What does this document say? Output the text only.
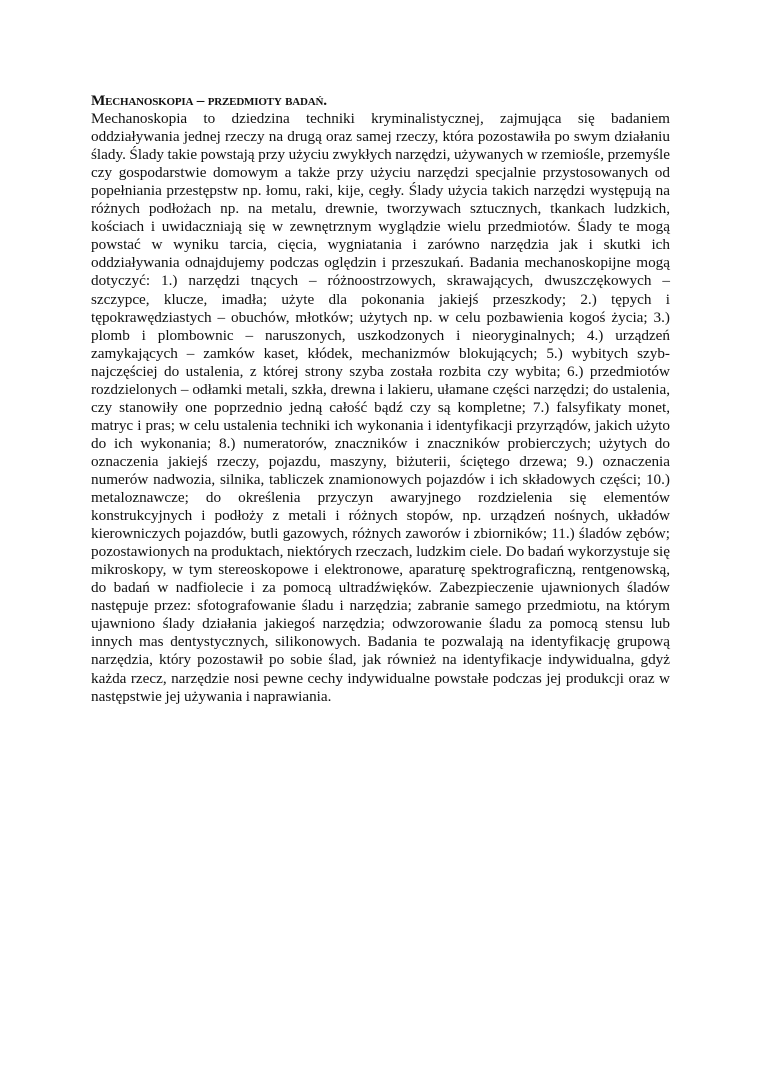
Mechanoskopia – przedmioty badań.

Mechanoskopia to dziedzina techniki kryminalistycznej, zajmująca się badaniem oddziaływania jednej rzeczy na drugą oraz samej rzeczy, która pozostawiła po swym działaniu ślady. Ślady takie powstają przy użyciu zwykłych narzędzi, używanych w rzemiośle, przemyśle czy gospodarstwie domowym a także przy użyciu narzędzi specjalnie przystosowanych od popełniania przestępstw np. łomu, raki, kije, cegły. Ślady użycia takich narzędzi występują na różnych podłożach np. na metalu, drewnie, tworzywach sztucznych, tkankach ludzkich, kościach i uwidaczniają się w zewnętrznym wyglądzie wielu przedmiotów. Ślady te mogą powstać w wyniku tarcia, cięcia, wygniatania i zarówno narzędzia jak i skutki ich oddziaływania odnajdujemy podczas oględzin i przeszukań. Badania mechanoskopijne mogą dotyczyć: 1.) narzędzi tnących – różnoostrzowych, skrawających, dwuszczękowych – szczypce, klucze, imadła; użyte dla pokonania jakiejś przeszkody; 2.) tępych i tępokrawędziastych – obuchów, młotków; użytych np. w celu pozbawienia kogoś życia; 3.) plomb i plombownic – naruszonych, uszkodzonych i nieoryginalnych; 4.) urządzeń zamykających – zamków kaset, kłódek, mechanizmów blokujących; 5.) wybitych szyb-najczęściej do ustalenia, z której strony szyba została rozbita czy wybita; 6.) przedmiotów rozdzielonych – odłamki metali, szkła, drewna i lakieru, ułamane części narzędzi; do ustalenia, czy stanowiły one poprzednio jedną całość bądź czy są kompletne; 7.) falsyfikaty monet, matryc i pras; w celu ustalenia techniki ich wykonania i identyfikacji przyrządów, jakich użyto do ich wykonania; 8.) numeratorów, znaczników i znaczników probierczych; użytych do oznaczenia jakiejś rzeczy, pojazdu, maszyny, biżuterii, ściętego drzewa; 9.) oznaczenia numerów nadwozia, silnika, tabliczek znamionowych pojazdów i ich składowych części; 10.) metaloznawcze; do określenia przyczyn awaryjnego rozdzielenia się elementów konstrukcyjnych i podłoży z metali i różnych stopów, np. urządzeń nośnych, układów kierowniczych pojazdów, butli gazowych, różnych zaworów i zbiorników; 11.) śladów zębów; pozostawionych na produktach, niektórych rzeczach, ludzkim ciele. Do badań wykorzystuje się mikroskopy, w tym stereoskopowe i elektronowe, aparaturę spektrograficzną, rentgenowską, do badań w nadfiolecie i za pomocą ultradźwięków. Zabezpieczenie ujawnionych śladów następuje przez: sfotografowanie śladu i narzędzia; zabranie samego przedmiotu, na którym ujawniono ślady działania jakiegoś narzędzia; odwzorowanie śladu za pomocą stensu lub innych mas dentystycznych, silikonowych. Badania te pozwalają na identyfikację grupową narzędzia, który pozostawił po sobie ślad, jak również na identyfikacje indywidualna, gdyż każda rzecz, narzędzie nosi pewne cechy indywidualne powstałe podczas jej produkcji oraz w następstwie jej używania i naprawiania.
